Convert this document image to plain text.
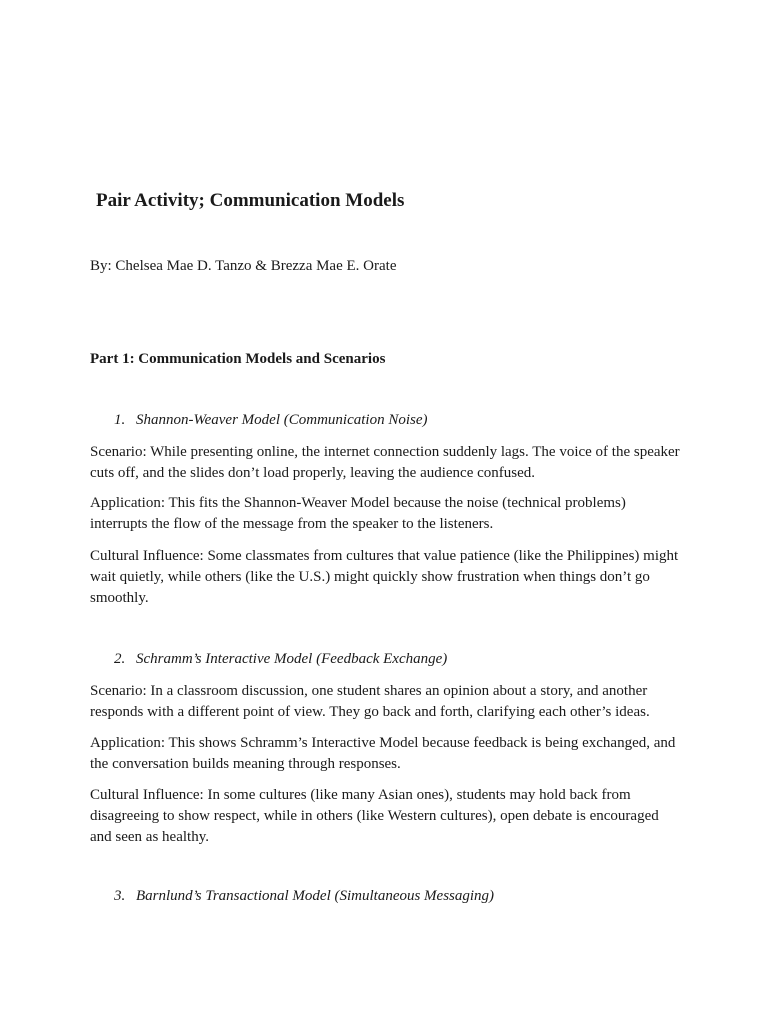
Pair Activity; Communication Models

By: Chelsea Mae D. Tanzo & Brezza Mae E. Orate

Part 1: Communication Models and Scenarios
1. Shannon-Weaver Model (Communication Noise)

Scenario: While presenting online, the internet connection suddenly lags. The voice of the speaker cuts off, and the slides don’t load properly, leaving the audience confused.

Application: This fits the Shannon-Weaver Model because the noise (technical problems) interrupts the flow of the message from the speaker to the listeners.

Cultural Influence: Some classmates from cultures that value patience (like the Philippines) might wait quietly, while others (like the U.S.) might quickly show frustration when things don’t go smoothly.

2. Schramm’s Interactive Model (Feedback Exchange)

Scenario: In a classroom discussion, one student shares an opinion about a story, and another responds with a different point of view. They go back and forth, clarifying each other’s ideas.

Application: This shows Schramm’s Interactive Model because feedback is being exchanged, and the conversation builds meaning through responses.

Cultural Influence: In some cultures (like many Asian ones), students may hold back from disagreeing to show respect, while in others (like Western cultures), open debate is encouraged and seen as healthy.

3. Barnlund’s Transactional Model (Simultaneous Messaging)
